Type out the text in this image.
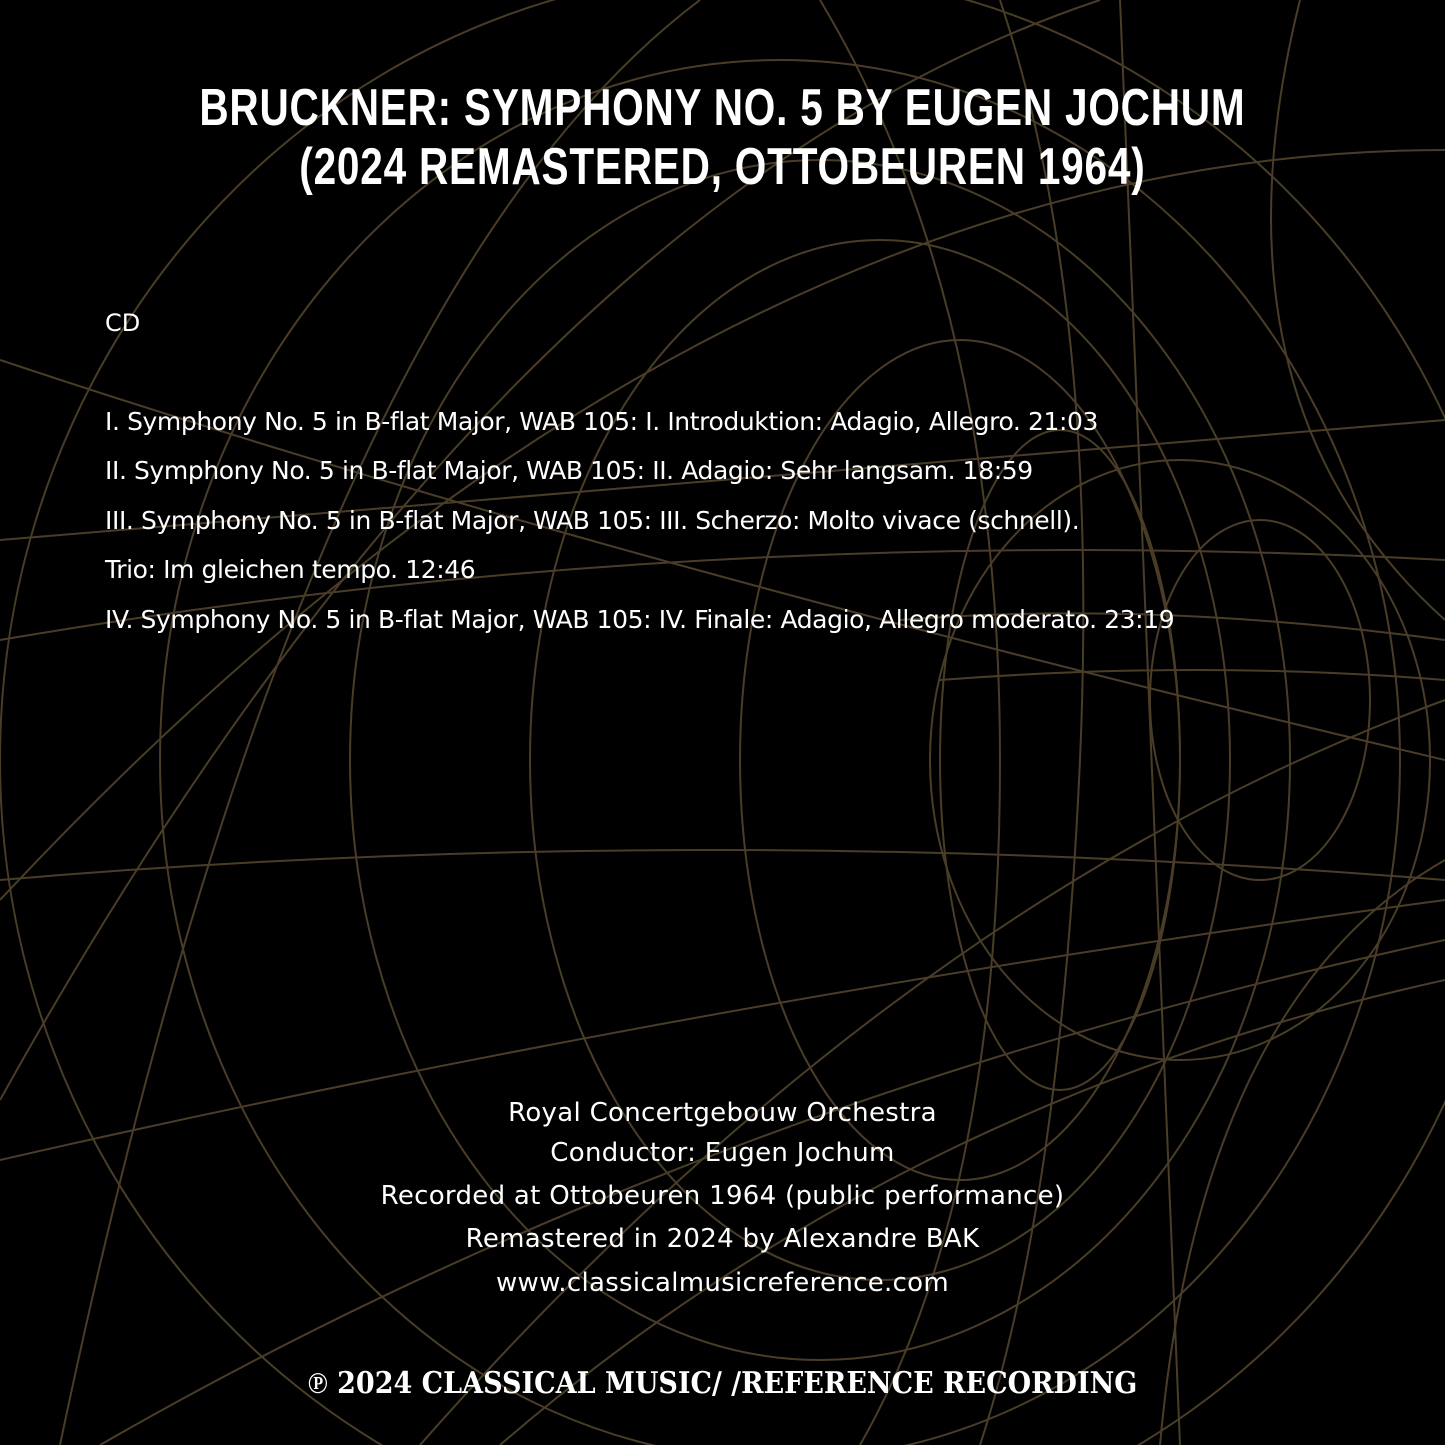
BRUCKNER: SYMPHONY NO. 5 BY EUGEN JOCHUM
(2024 REMASTERED, OTTOBEUREN 1964)
CD
I. Symphony No. 5 in B-flat Major, WAB 105: I. Introduktion: Adagio, Allegro. 21:03
II. Symphony No. 5 in B-flat Major, WAB 105: II. Adagio: Sehr langsam. 18:59
III. Symphony No. 5 in B-flat Major, WAB 105: III. Scherzo: Molto vivace (schnell).
Trio: Im gleichen tempo. 12:46
IV. Symphony No. 5 in B-flat Major, WAB 105: IV. Finale: Adagio, Allegro moderato. 23:19
Royal Concertgebouw Orchestra
Conductor: Eugen Jochum
Recorded at Ottobeuren 1964 (public performance)
Remastered in 2024 by Alexandre BAK
www.classicalmusicreference.com
℗ 2024 CLASSICAL MUSIC/ /REFERENCE RECORDING
